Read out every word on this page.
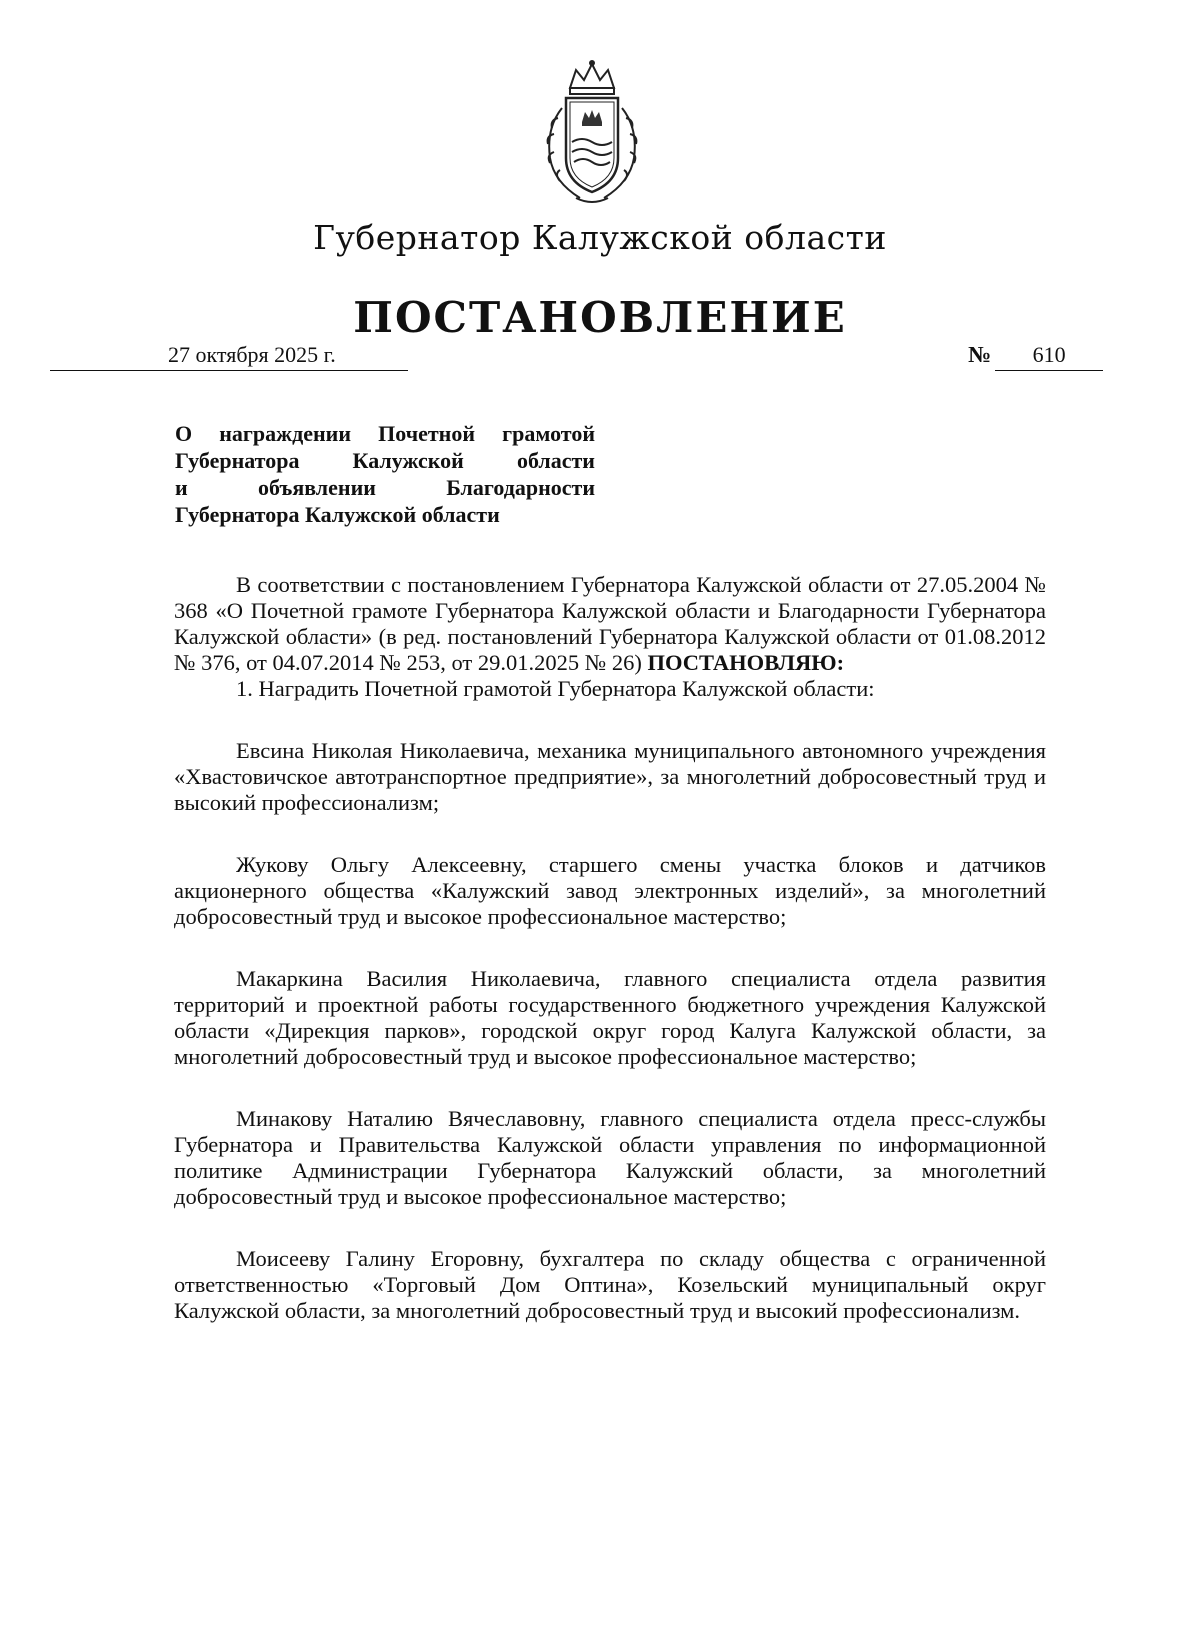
Губернатор Калужской области
ПОСТАНОВЛЕНИЕ
27 октября 2025 г.	№ 610
О награждении Почетной грамотой
Губернатора Калужской области
и объявлении Благодарности
Губернатора Калужской области

В соответствии с постановлением Губернатора Калужской области от 27.05.2004 № 368 «О Почетной грамоте Губернатора Калужской области и Благодарности Губернатора Калужской области» (в ред. постановлений Губернатора Калужской области от 01.08.2012 № 376, от 04.07.2014 № 253, от 29.01.2025 № 26) ПОСТАНОВЛЯЮ:

1. Наградить Почетной грамотой Губернатора Калужской области:

Евсина Николая Николаевича, механика муниципального автономного учреждения «Хвастовичское автотранспортное предприятие», за многолетний добросовестный труд и высокий профессионализм;

Жукову Ольгу Алексеевну, старшего смены участка блоков и датчиков акционерного общества «Калужский завод электронных изделий», за многолетний добросовестный труд и высокое профессиональное мастерство;

Макаркина Василия Николаевича, главного специалиста отдела развития территорий и проектной работы государственного бюджетного учреждения Калужской области «Дирекция парков», городской округ город Калуга Калужской области, за многолетний добросовестный труд и высокое профессиональное мастерство;

Минакову Наталию Вячеславовну, главного специалиста отдела пресс-службы Губернатора и Правительства Калужской области управления по информационной политике Администрации Губернатора Калужский области, за многолетний добросовестный труд и высокое профессиональное мастерство;

Моисееву Галину Егоровну, бухгалтера по складу общества с ограниченной ответственностью «Торговый Дом Оптина», Козельский муниципальный округ Калужской области, за многолетний добросовестный труд и высокий профессионализм.
